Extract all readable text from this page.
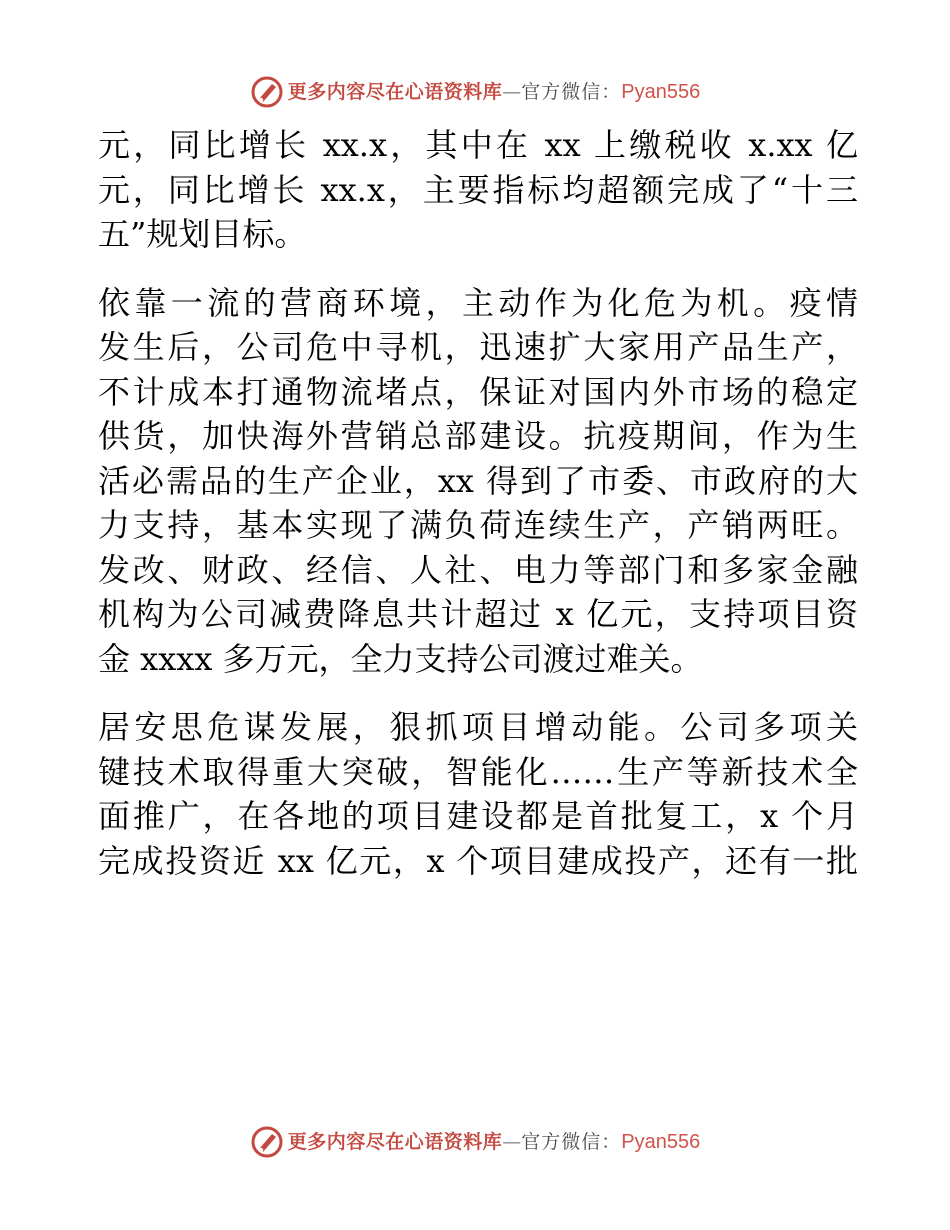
更多内容尽在心语资料库 — 官方微信： Pyan556
元，同比增长 xx.x，其中在 xx 上缴税收 x.xx 亿
元，同比增长 xx.x，主要指标均超额完成了“十三
五”规划目标。
依靠一流的营商环境，主动作为化危为机。疫情
发生后，公司危中寻机，迅速扩大家用产品生产，
不计成本打通物流堵点，保证对国内外市场的稳定
供货，加快海外营销总部建设。抗疫期间，作为生
活必需品的生产企业，xx 得到了市委、市政府的大
力支持，基本实现了满负荷连续生产，产销两旺。
发改、财政、经信、人社、电力等部门和多家金融
机构为公司减费降息共计超过 x 亿元，支持项目资
金 xxxx 多万元，全力支持公司渡过难关。
居安思危谋发展，狠抓项目增动能。公司多项关
键技术取得重大突破，智能化……生产等新技术全
面推广，在各地的项目建设都是首批复工，x 个月
完成投资近 xx 亿元，x 个项目建成投产，还有一批
更多内容尽在心语资料库 — 官方微信： Pyan556
